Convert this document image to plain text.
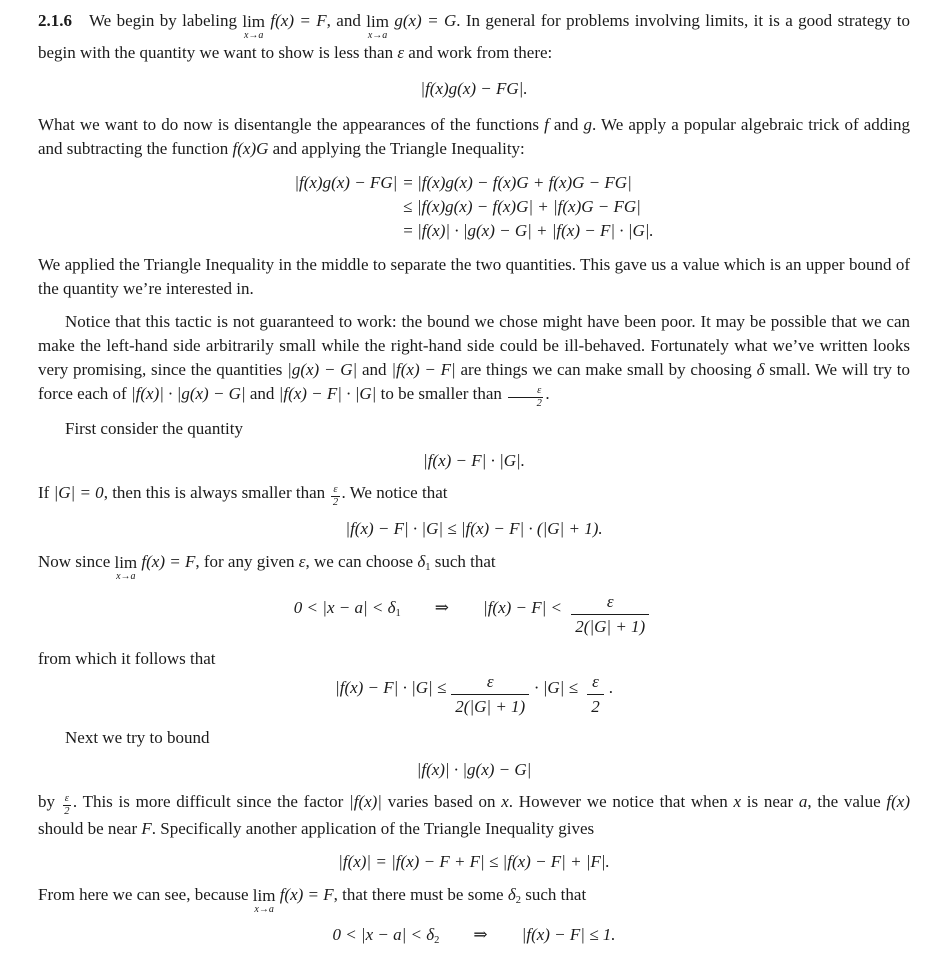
2.1.6  We begin by labeling lim
x→a
f(x) = F, and lim
x→a
g(x) = G. In general for problems involving limits, it is a good strategy to begin with the quantity we want to show is less than ε and work from there:

|f(x)g(x) − FG|.

What we want to do now is disentangle the appearances of the functions f and g. We apply a popular algebraic trick of adding and subtracting the function f(x)G and applying the Triangle Inequality:

|f(x)g(x) − FG| = |f(x)g(x) − f(x)G + f(x)G − FG|
≤ |f(x)g(x) − f(x)G| + |f(x)G − FG|
= |f(x)| · |g(x) − G| + |f(x) − F| · |G|.

We applied the Triangle Inequality in the middle to separate the two quantities. This gave us a value which is an upper bound of the quantity we’re interested in.

Notice that this tactic is not guaranteed to work: the bound we chose might have been poor. It may be possible that we can make the left-hand side arbitrarily small while the right-hand side could be ill-behaved. Fortunately what we’ve written looks very promising, since the quantities |g(x) − G| and |f(x) − F| are things we can make small by choosing δ small. We will try to force each of |f(x)| · |g(x) − G| and |f(x) − F| · |G| to be smaller than $\frac{\varepsilon}{2}$ .

First consider the quantity

|f(x) − F| · |G|.

If |G| = 0, then this is always smaller than $\frac{\varepsilon}{2}$ . We notice that

|f(x) − F| · |G| ≤ |f(x) − F| · (|G| + 1).

Now since lim
x→a
f(x) = F, for any given ε, we can choose $\delta_1$ such that

$0 < |x - a| < \delta_1$  ⇒  $|f(x) - F| < \frac{\varepsilon}{2(|G| + 1)}$

from which it follows that

$|f(x) - F| \cdot |G| \le \frac{\varepsilon}{2(|G| + 1)} \cdot |G| \le \frac{\varepsilon}{2}$ .

Next we try to bound

|f(x)| · |g(x) − G|

by $\frac{\varepsilon}{2}$ . This is more difficult since the factor |f(x)| varies based on x. However we notice that when x is near a, the value f(x) should be near F. Specifically another application of the Triangle Inequality gives

|f(x)| = |f(x) − F + F| ≤ |f(x) − F| + |F|.

From here we can see, because lim
x→a
f(x) = F, that there must be some $\delta_2$ such that

$0 < |x - a| < \delta_2$  ⇒  |f(x) − F| ≤ 1.
